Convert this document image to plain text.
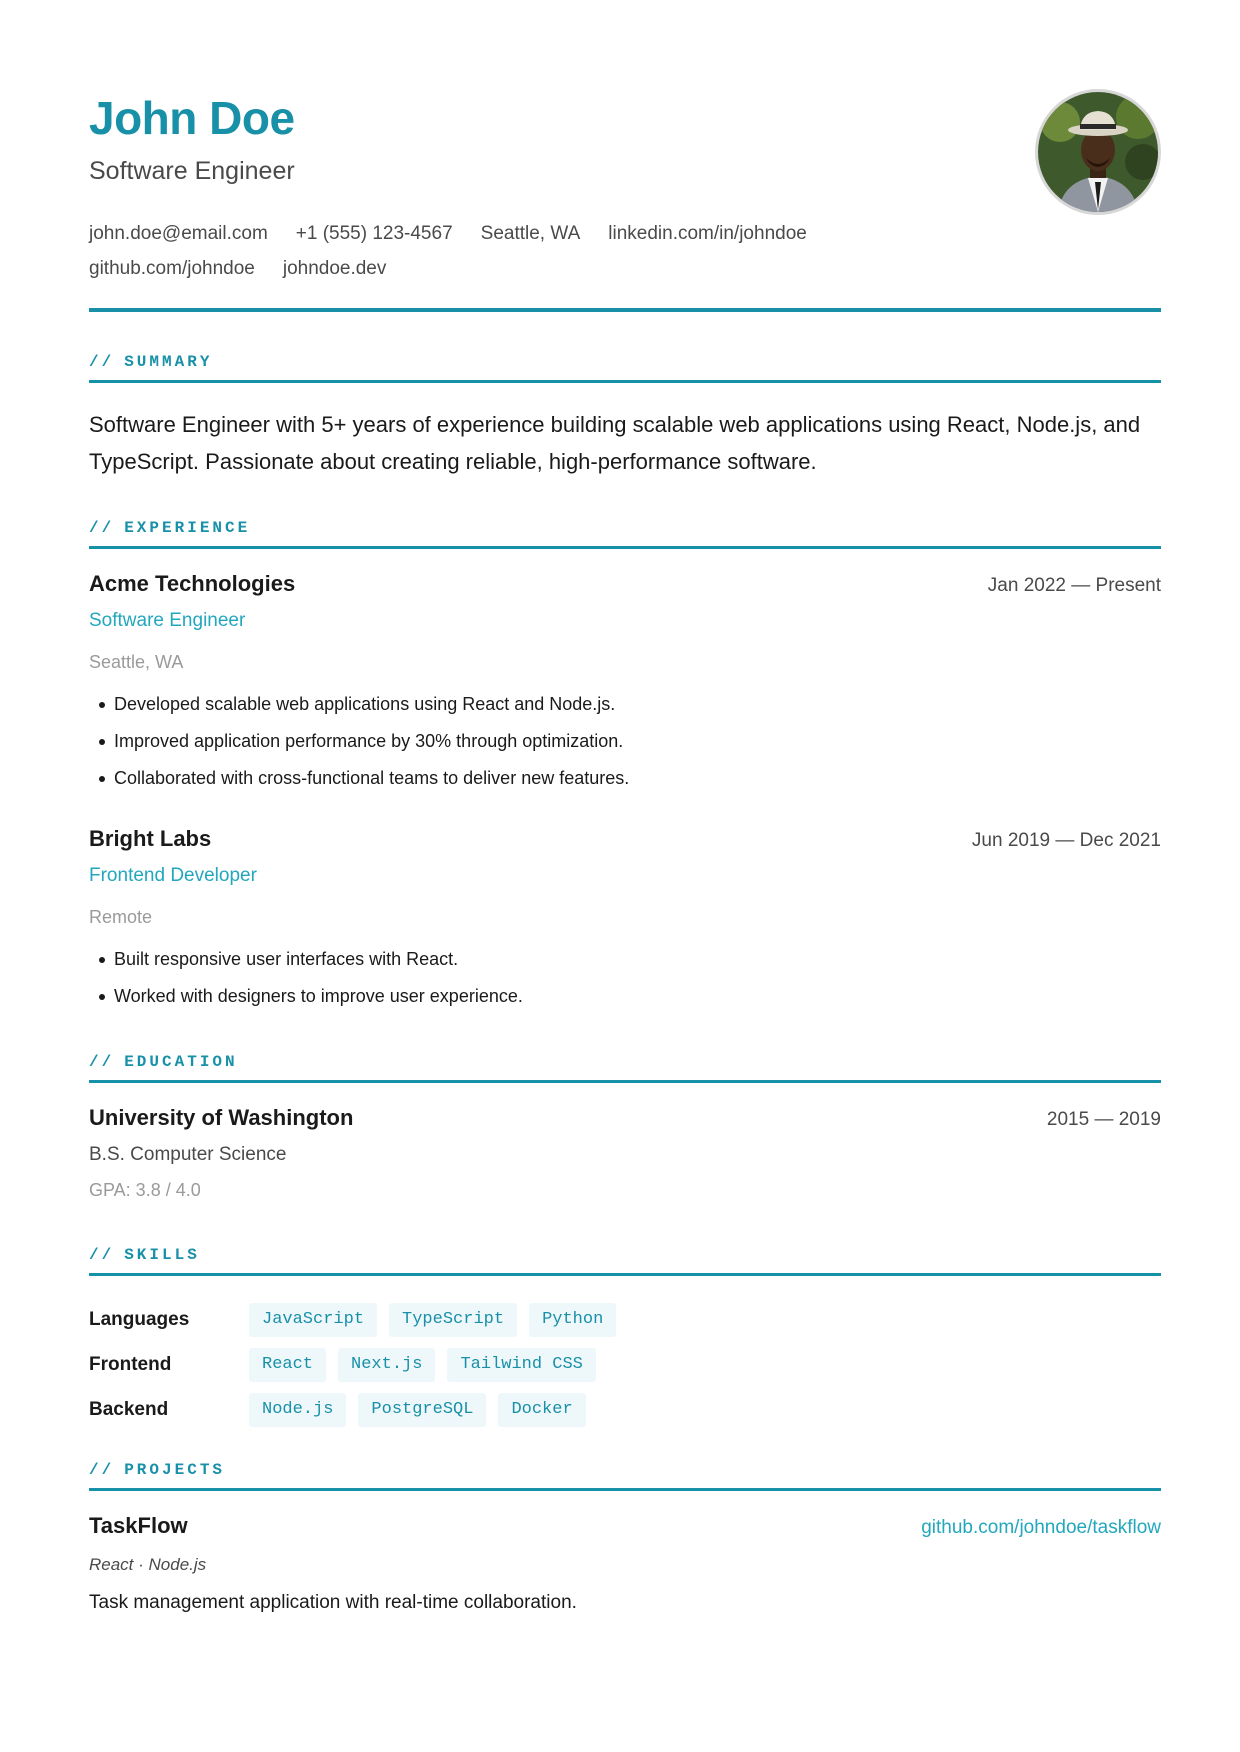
John Doe
Software Engineer
john.doe@email.com +1 (555) 123-4567 Seattle, WA linkedin.com/in/johndoe
github.com/johndoe johndoe.dev
// SUMMARY

Software Engineer with 5+ years of experience building scalable web applications using React, Node.js, and TypeScript. Passionate about creating reliable, high-performance software.

// EXPERIENCE
Acme Technologies	Jan 2022 — Present
Software Engineer
Seattle, WA
Developed scalable web applications using React and Node.js.
Improved application performance by 30% through optimization.
Collaborated with cross-functional teams to deliver new features.
Bright Labs	Jun 2019 — Dec 2021
Frontend Developer
Remote
Built responsive user interfaces with React.
Worked with designers to improve user experience.
// EDUCATION
University of Washington	2015 — 2019
B.S. Computer Science
GPA: 3.8 / 4.0
// SKILLS
Languages	JavaScript TypeScript Python
Frontend	React Next.js Tailwind CSS
Backend	Node.js PostgreSQL Docker
// PROJECTS
TaskFlow	github.com/johndoe/taskflow
React · Node.js
Task management application with real-time collaboration.
